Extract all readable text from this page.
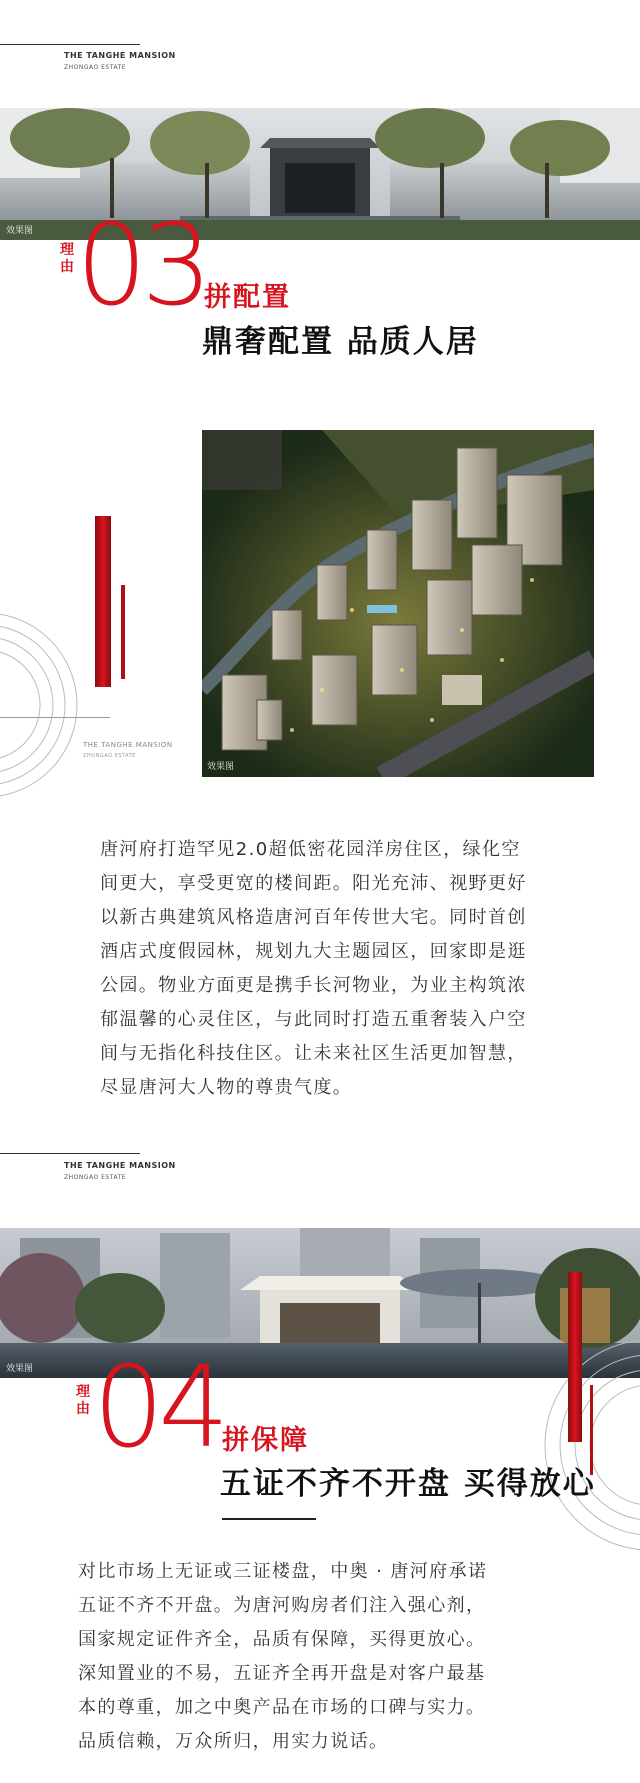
THE TANGHE MANSION
ZHONGAO ESTATE
效果图
理由 03
拼配置
鼎奢配置 品质人居
THE TANGHE MANSION
ZHONGAO ESTATE
效果图

唐河府打造罕见2.0超低密花园洋房住区，绿化空

间更大，享受更宽的楼间距。阳光充沛、视野更好

以新古典建筑风格造唐河百年传世大宅。同时首创

酒店式度假园林，规划九大主题园区，回家即是逛

公园。物业方面更是携手长河物业，为业主构筑浓

郁温馨的心灵住区，与此同时打造五重奢装入户空

间与无指化科技住区。让未来社区生活更加智慧，

尽显唐河大人物的尊贵气度。

THE TANGHE MANSION
ZHONGAO ESTATE
效果图
理由 04
拼保障
五证不齐不开盘 买得放心

对比市场上无证或三证楼盘，中奥 · 唐河府承诺

五证不齐不开盘。为唐河购房者们注入强心剂，

国家规定证件齐全，品质有保障，买得更放心。

深知置业的不易，五证齐全再开盘是对客户最基

本的尊重，加之中奥产品在市场的口碑与实力。

品质信赖，万众所归，用实力说话。
